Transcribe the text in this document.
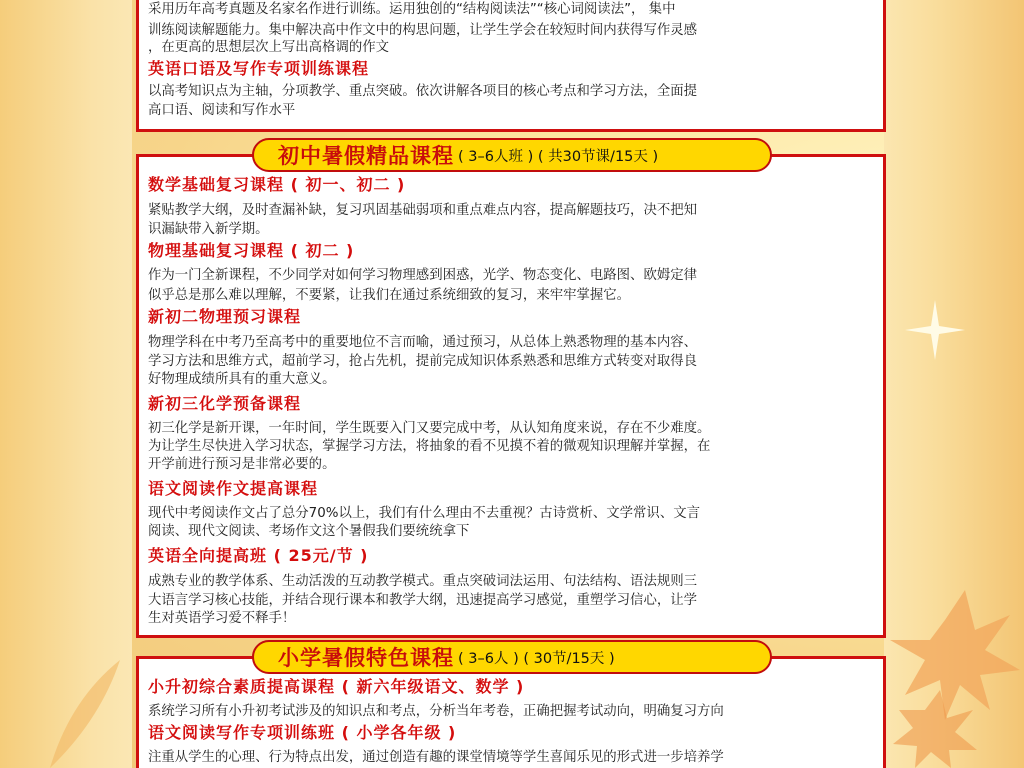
采用历年高考真题及名家名作进行训练。运用独创的“结构阅读法”“核心词阅读法”， 集中
训练阅读解题能力。集中解决高中作文中的构思问题，让学生学会在较短时间内获得写作灵感
，在更高的思想层次上写出高格调的作文
英语口语及写作专项训练课程
以高考知识点为主轴，分项教学、重点突破。依次讲解各项目的核心考点和学习方法，全面提
高口语、阅读和写作水平
初中暑假精品课程 ( 3–6人班 ) ( 共30节课/15天 )
数学基础复习课程 ( 初一、初二 )
紧贴教学大纲，及时查漏补缺，复习巩固基础弱项和重点难点内容，提高解题技巧，决不把知
识漏缺带入新学期。
物理基础复习课程 ( 初二 )
作为一门全新课程，不少同学对如何学习物理感到困惑，光学、物态变化、电路图、欧姆定律
似乎总是那么难以理解，不要紧，让我们在通过系统细致的复习，来牢牢掌握它。
新初二物理预习课程
物理学科在中考乃至高考中的重要地位不言而喻，通过预习，从总体上熟悉物理的基本内容、
学习方法和思维方式，超前学习，抢占先机，提前完成知识体系熟悉和思维方式转变对取得良
好物理成绩所具有的重大意义。
新初三化学预备课程
初三化学是新开课，一年时间，学生既要入门又要完成中考，从认知角度来说，存在不少难度。
为让学生尽快进入学习状态，掌握学习方法，将抽象的看不见摸不着的微观知识理解并掌握，在
开学前进行预习是非常必要的。
语文阅读作文提高课程
现代中考阅读作文占了总分70%以上，我们有什么理由不去重视？古诗赏析、文学常识、文言
阅读、现代文阅读、考场作文这个暑假我们要统统拿下
英语全向提高班 ( 25元/节 )
成熟专业的教学体系、生动活泼的互动教学模式。重点突破词法运用、句法结构、语法规则三
大语言学习核心技能，并结合现行课本和教学大纲，迅速提高学习感觉，重塑学习信心，让学
生对英语学习爱不释手！
小学暑假特色课程 ( 3–6人 ) ( 30节/15天 )
小升初综合素质提高课程 ( 新六年级语文、数学 )
系统学习所有小升初考试涉及的知识点和考点，分析当年考卷，正确把握考试动向，明确复习方向
语文阅读写作专项训练班 ( 小学各年级 )
注重从学生的心理、行为特点出发，通过创造有趣的课堂情境等学生喜闻乐见的形式进一步培养学
